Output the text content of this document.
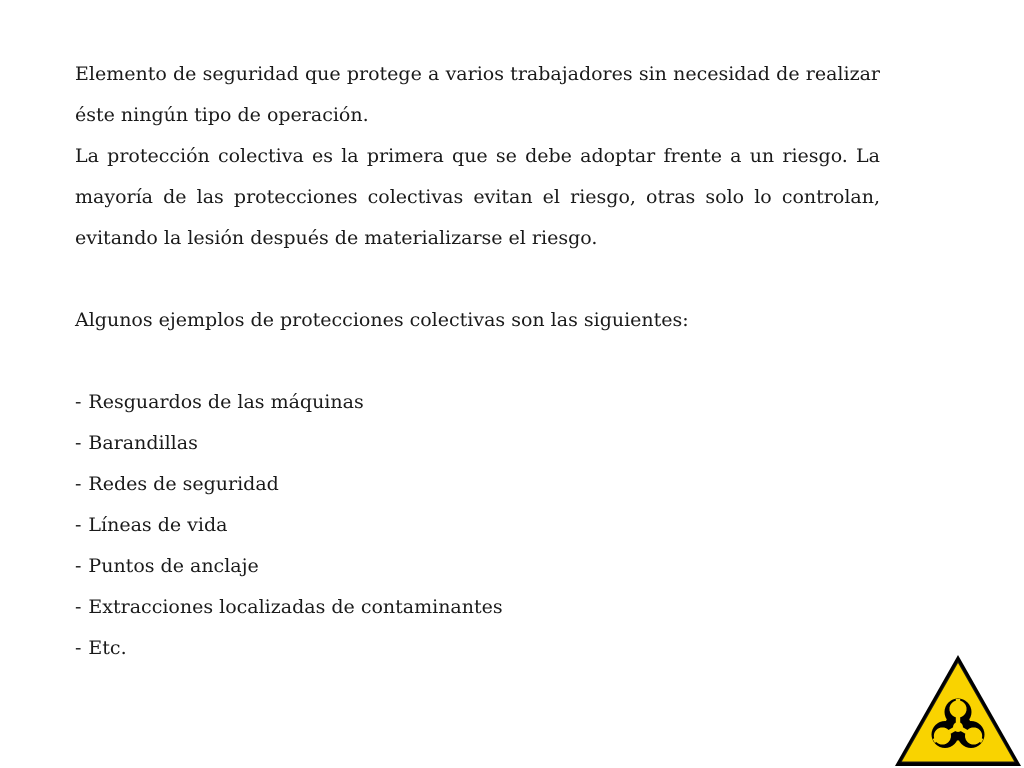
Elemento de seguridad que protege a varios trabajadores sin necesidad de realizar éste ningún tipo de operación.

La protección colectiva es la primera que se debe adoptar frente a un riesgo. La mayoría de las protecciones colectivas evitan el riesgo, otras solo lo controlan, evitando la lesión después de materializarse el riesgo.

Algunos ejemplos de protecciones colectivas son las siguientes:

- Resguardos de las máquinas
- Barandillas
- Redes de seguridad
- Líneas de vida
- Puntos de anclaje
- Extracciones localizadas de contaminantes
- Etc.
